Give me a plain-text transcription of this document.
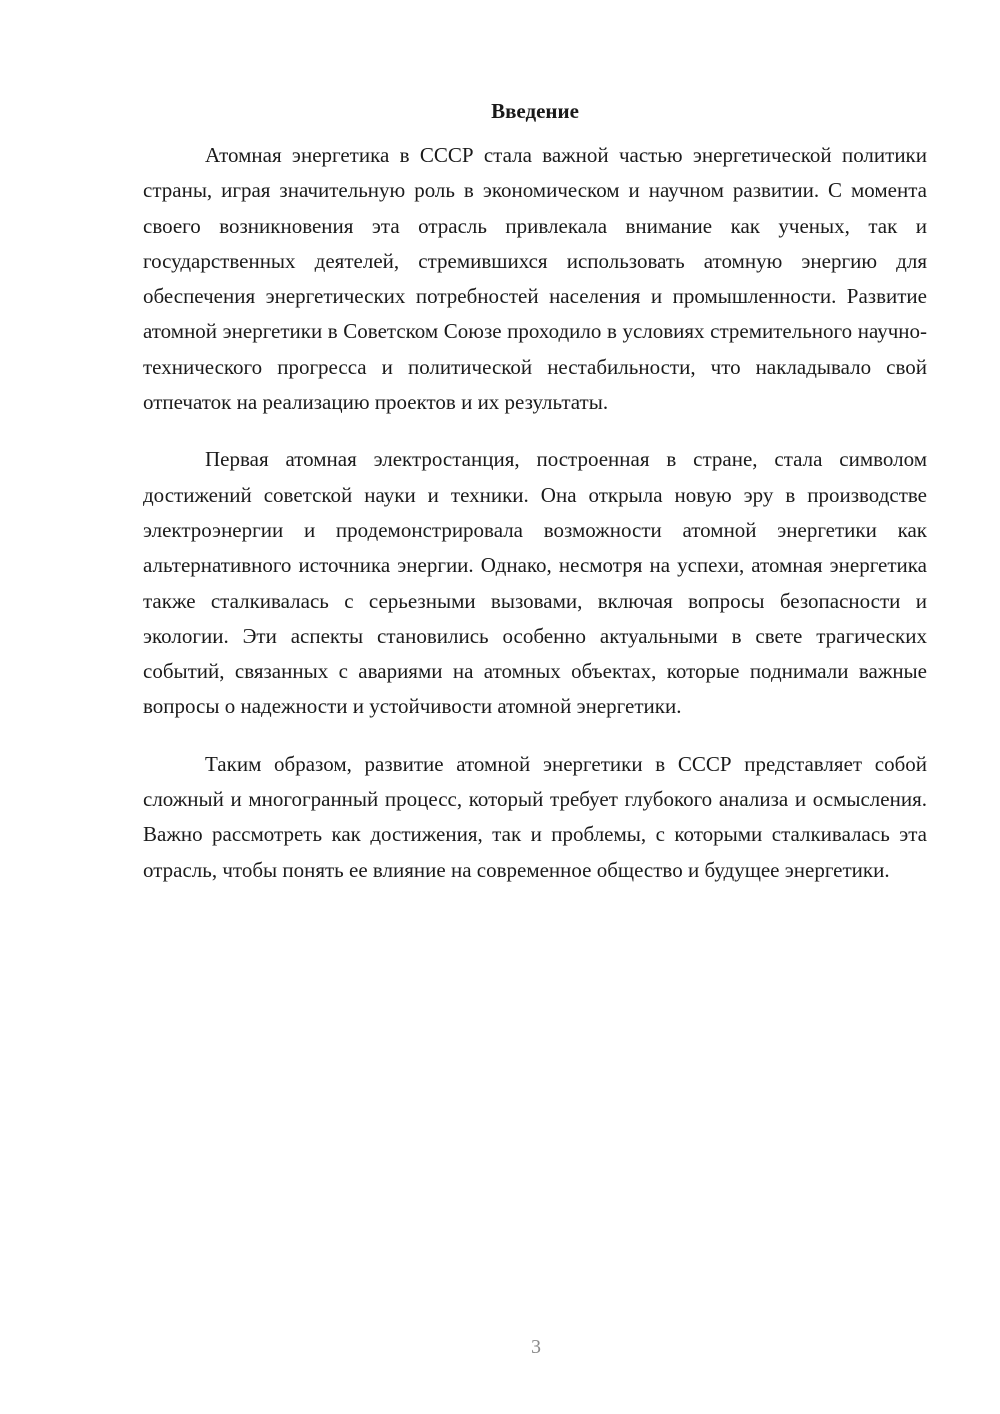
Введение

Атомная энергетика в СССР стала важной частью энергетической политики страны, играя значительную роль в экономическом и научном развитии. С момента своего возникновения эта отрасль привлекала внимание как ученых, так и государственных деятелей, стремившихся использовать атомную энергию для обеспечения энергетических потребностей населения и промышленности. Развитие атомной энергетики в Советском Союзе проходило в условиях стремительного научно-технического прогресса и политической нестабильности, что накладывало свой отпечаток на реализацию проектов и их результаты.

Первая атомная электростанция, построенная в стране, стала символом достижений советской науки и техники. Она открыла новую эру в производстве электроэнергии и продемонстрировала возможности атомной энергетики как альтернативного источника энергии. Однако, несмотря на успехи, атомная энергетика также сталкивалась с серьезными вызовами, включая вопросы безопасности и экологии. Эти аспекты становились особенно актуальными в свете трагических событий, связанных с авариями на атомных объектах, которые поднимали важные вопросы о надежности и устойчивости атомной энергетики.

Таким образом, развитие атомной энергетики в СССР представляет собой сложный и многогранный процесс, который требует глубокого анализа и осмысления. Важно рассмотреть как достижения, так и проблемы, с которыми сталкивалась эта отрасль, чтобы понять ее влияние на современное общество и будущее энергетики.

3
